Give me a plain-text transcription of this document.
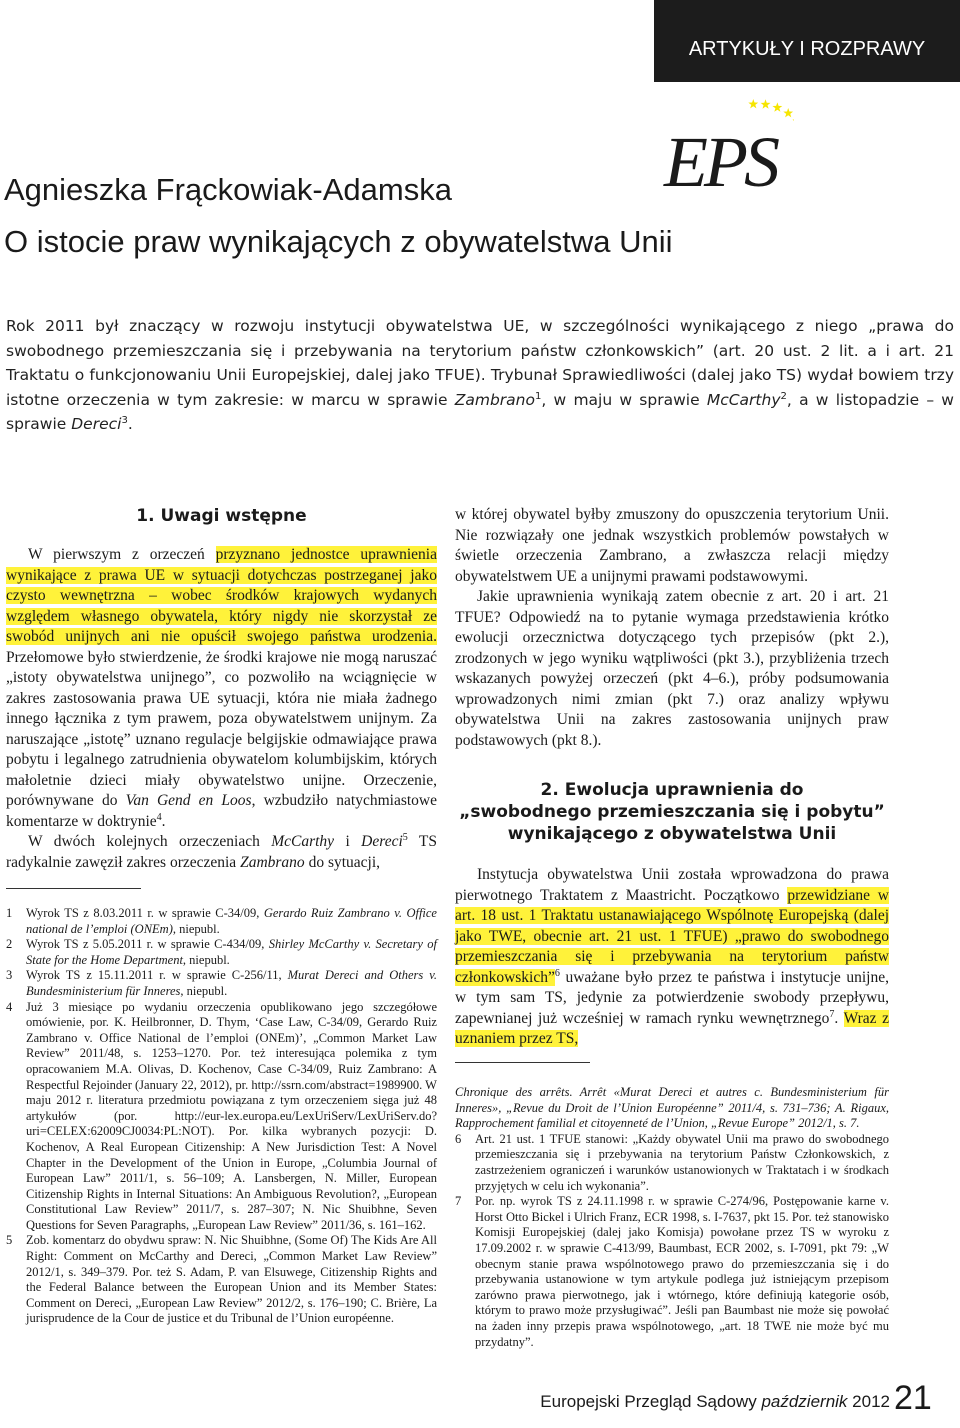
ARTYKUŁY I ROZPRAWY
EPS
Agnieszka Frąckowiak-Adamska
O istocie praw wynikających z obywatelstwa Unii
Rok 2011 był znaczący w rozwoju instytucji obywatelstwa UE, w szczególności wynikającego z niego „prawa do swobodnego przemieszczania się i przebywania na terytorium państw członkowskich” (art. 20 ust. 2 lit. a i art. 21 Traktatu o funkcjonowaniu Unii Europejskiej, dalej jako TFUE). Trybunał Sprawiedliwości (dalej jako TS) wydał bowiem trzy istotne orzeczenia w tym zakresie: w marcu w sprawie Zambrano$^1$, w maju w sprawie McCarthy$^2$, a w listopadzie – w sprawie Dereci$^3$.
1. Uwagi wstępne

W pierwszym z orzeczeń przyznano jednostce uprawnienia wynikające z prawa UE w sytuacji dotychczas postrzeganej jako czysto wewnętrzna – wobec środków krajowych wydanych względem własnego obywatela, który nigdy nie skorzystał ze swobód unijnych ani nie opuścił swojego państwa urodzenia. Przełomowe było stwierdzenie, że środki krajowe nie mogą naruszać „istoty obywatelstwa unijnego”, co pozwoliło na wciągnięcie w zakres zastosowania prawa UE sytuacji, która nie miała żadnego innego łącznika z tym prawem, poza obywatelstwem unijnym. Za naruszające „istotę” uznano regulacje belgijskie odmawiające prawa pobytu i legalnego zatrudnienia obywatelom kolumbijskim, których małoletnie dzieci miały obywatelstwo unijne. Orzeczenie, porównywane do Van Gend en Loos, wzbudziło natychmiastowe komentarze w doktrynie$^4$.

W dwóch kolejnych orzeczeniach McCarthy i Dereci$^5$ TS radykalnie zawęził zakres orzeczenia Zambrano do sytuacji,

1	Wyrok TS z 8.03.2011 r. w sprawie C-34/09, Gerardo Ruiz Zambrano v. Office national de l’emploi (ONEm), niepubl.
2	Wyrok TS z 5.05.2011 r. w sprawie C-434/09, Shirley McCarthy v. Secretary of State for the Home Department, niepubl.
3	Wyrok TS z 15.11.2011 r. w sprawie C-256/11, Murat Dereci and Others v. Bundesministerium für Inneres, niepubl.
4	Już 3 miesiące po wydaniu orzeczenia opublikowano jego szczegółowe omówienie, por. K. Heilbronner, D. Thym, ‘Case Law, C-34/09, Gerardo Ruiz Zambrano v. Office National de l’emploi (ONEm)’, „Common Market Law Review” 2011/48, s. 1253–1270. Por. też interesująca polemika z tym opracowaniem M.A. Olivas, D. Kochenov, Case C-34/09, Ruiz Zambrano: A Respectful Rejoinder (January 22, 2012), pr. http://ssrn.com/abstract=1989900. W maju 2012 r. literatura przedmiotu powiązana z tym orzeczeniem sięga już 48 artykułów (por. http://eur-lex.europa.eu/LexUriServ/LexUriServ.do?uri=CELEX:62009CJ0034:PL:NOT). Por. kilka wybranych pozycji: D. Kochenov, A Real European Citizenship: A New Jurisdiction Test: A Novel Chapter in the Development of the Union in Europe, „Columbia Journal of European Law” 2011/1, s. 56–109; A. Lansbergen, N. Miller, European Citizenship Rights in Internal Situations: An Ambiguous Revolution?, „European Constitutional Law Review” 2011/7, s. 287–307; N. Nic Shuibhne, Seven Questions for Seven Paragraphs, „European Law Review” 2011/36, s. 161–162.
5	Zob. komentarz do obydwu spraw: N. Nic Shuibhne, (Some Of) The Kids Are All Right: Comment on McCarthy and Dereci, „Common Market Law Review” 2012/1, s. 349–379. Por. też S. Adam, P. van Elsuwege, Citizenship Rights and the Federal Balance between the European Union and its Member States: Comment on Dereci, „European Law Review” 2012/2, s. 176–190; C. Brière, La jurisprudence de la Cour de justice et du Tribunal de l’Union européenne.

w której obywatel byłby zmuszony do opuszczenia terytorium Unii. Nie rozwiązały one jednak wszystkich problemów powstałych w świetle orzeczenia Zambrano, a zwłaszcza relacji między obywatelstwem UE a unijnymi prawami podstawowymi.

Jakie uprawnienia wynikają zatem obecnie z art. 20 i art. 21 TFUE? Odpowiedź na to pytanie wymaga przedstawienia krótko ewolucji orzecznictwa dotyczącego tych przepisów (pkt 2.), zrodzonych w jego wyniku wątpliwości (pkt 3.), przybliżenia trzech wskazanych powyżej orzeczeń (pkt 4–6.), próby podsumowania wprowadzonych nimi zmian (pkt 7.) oraz analizy wpływu obywatelstwa Unii na zakres zastosowania unijnych praw podstawowych (pkt 8.).

2. Ewolucja uprawnienia do
„swobodnego przemieszczania się i pobytu”
wynikającego z obywatelstwa Unii

Instytucja obywatelstwa Unii została wprowadzona do prawa pierwotnego Traktatem z Maastricht. Początkowo przewidziane w art. 18 ust. 1 Traktatu ustanawiającego Wspólnotę Europejską (dalej jako TWE, obecnie art. 21 ust. 1 TFUE) „prawo do swobodnego przemieszczania się i przebywania na terytorium państw członkowskich”$^6$ uważane było przez te państwa i instytucje unijne, w tym sam TS, jedynie za potwierdzenie swobody przepływu, zapewnianej już wcześniej w ramach rynku wewnętrznego$^7$. Wraz z uznaniem przez TS,

Chronique des arrêts. Arrêt «Murat Dereci et autres c. Bundesministerium für Inneres», „Revue du Droit de l’Union Européenne” 2011/4, s. 731–736; A. Rigaux, Rapprochement familial et citoyenneté de l’Union, „Revue Europe” 2012/1, s. 7.
6	Art. 21 ust. 1 TFUE stanowi: „Każdy obywatel Unii ma prawo do swobodnego przemieszczania się i przebywania na terytorium Państw Członkowskich, z zastrzeżeniem ograniczeń i warunków ustanowionych w Traktatach i w środkach przyjętych w celu ich wykonania”.
7	Por. np. wyrok TS z 24.11.1998 r. w sprawie C-274/96, Postępowanie karne v. Horst Otto Bickel i Ulrich Franz, ECR 1998, s. I-7637, pkt 15. Por. też stanowisko Komisji Europejskiej (dalej jako Komisja) powołane przez TS w wyroku z 17.09.2002 r. w sprawie C-413/99, Baumbast, ECR 2002, s. I-7091, pkt 79: „W obecnym stanie prawa wspólnotowego prawo do przemieszczania się i do przebywania ustanowione w tym artykule podlega już istniejącym przepisom zarówno prawa pierwotnego, jak i wtórnego, które definiują kategorie osób, którym to prawo może przysługiwać”. Jeśli pan Baumbast nie może się powołać na żaden inny przepis prawa wspólnotowego, „art. 18 TWE nie może być mu przydatny”.
Europejski Przegląd Sądowy październik 2012 21
